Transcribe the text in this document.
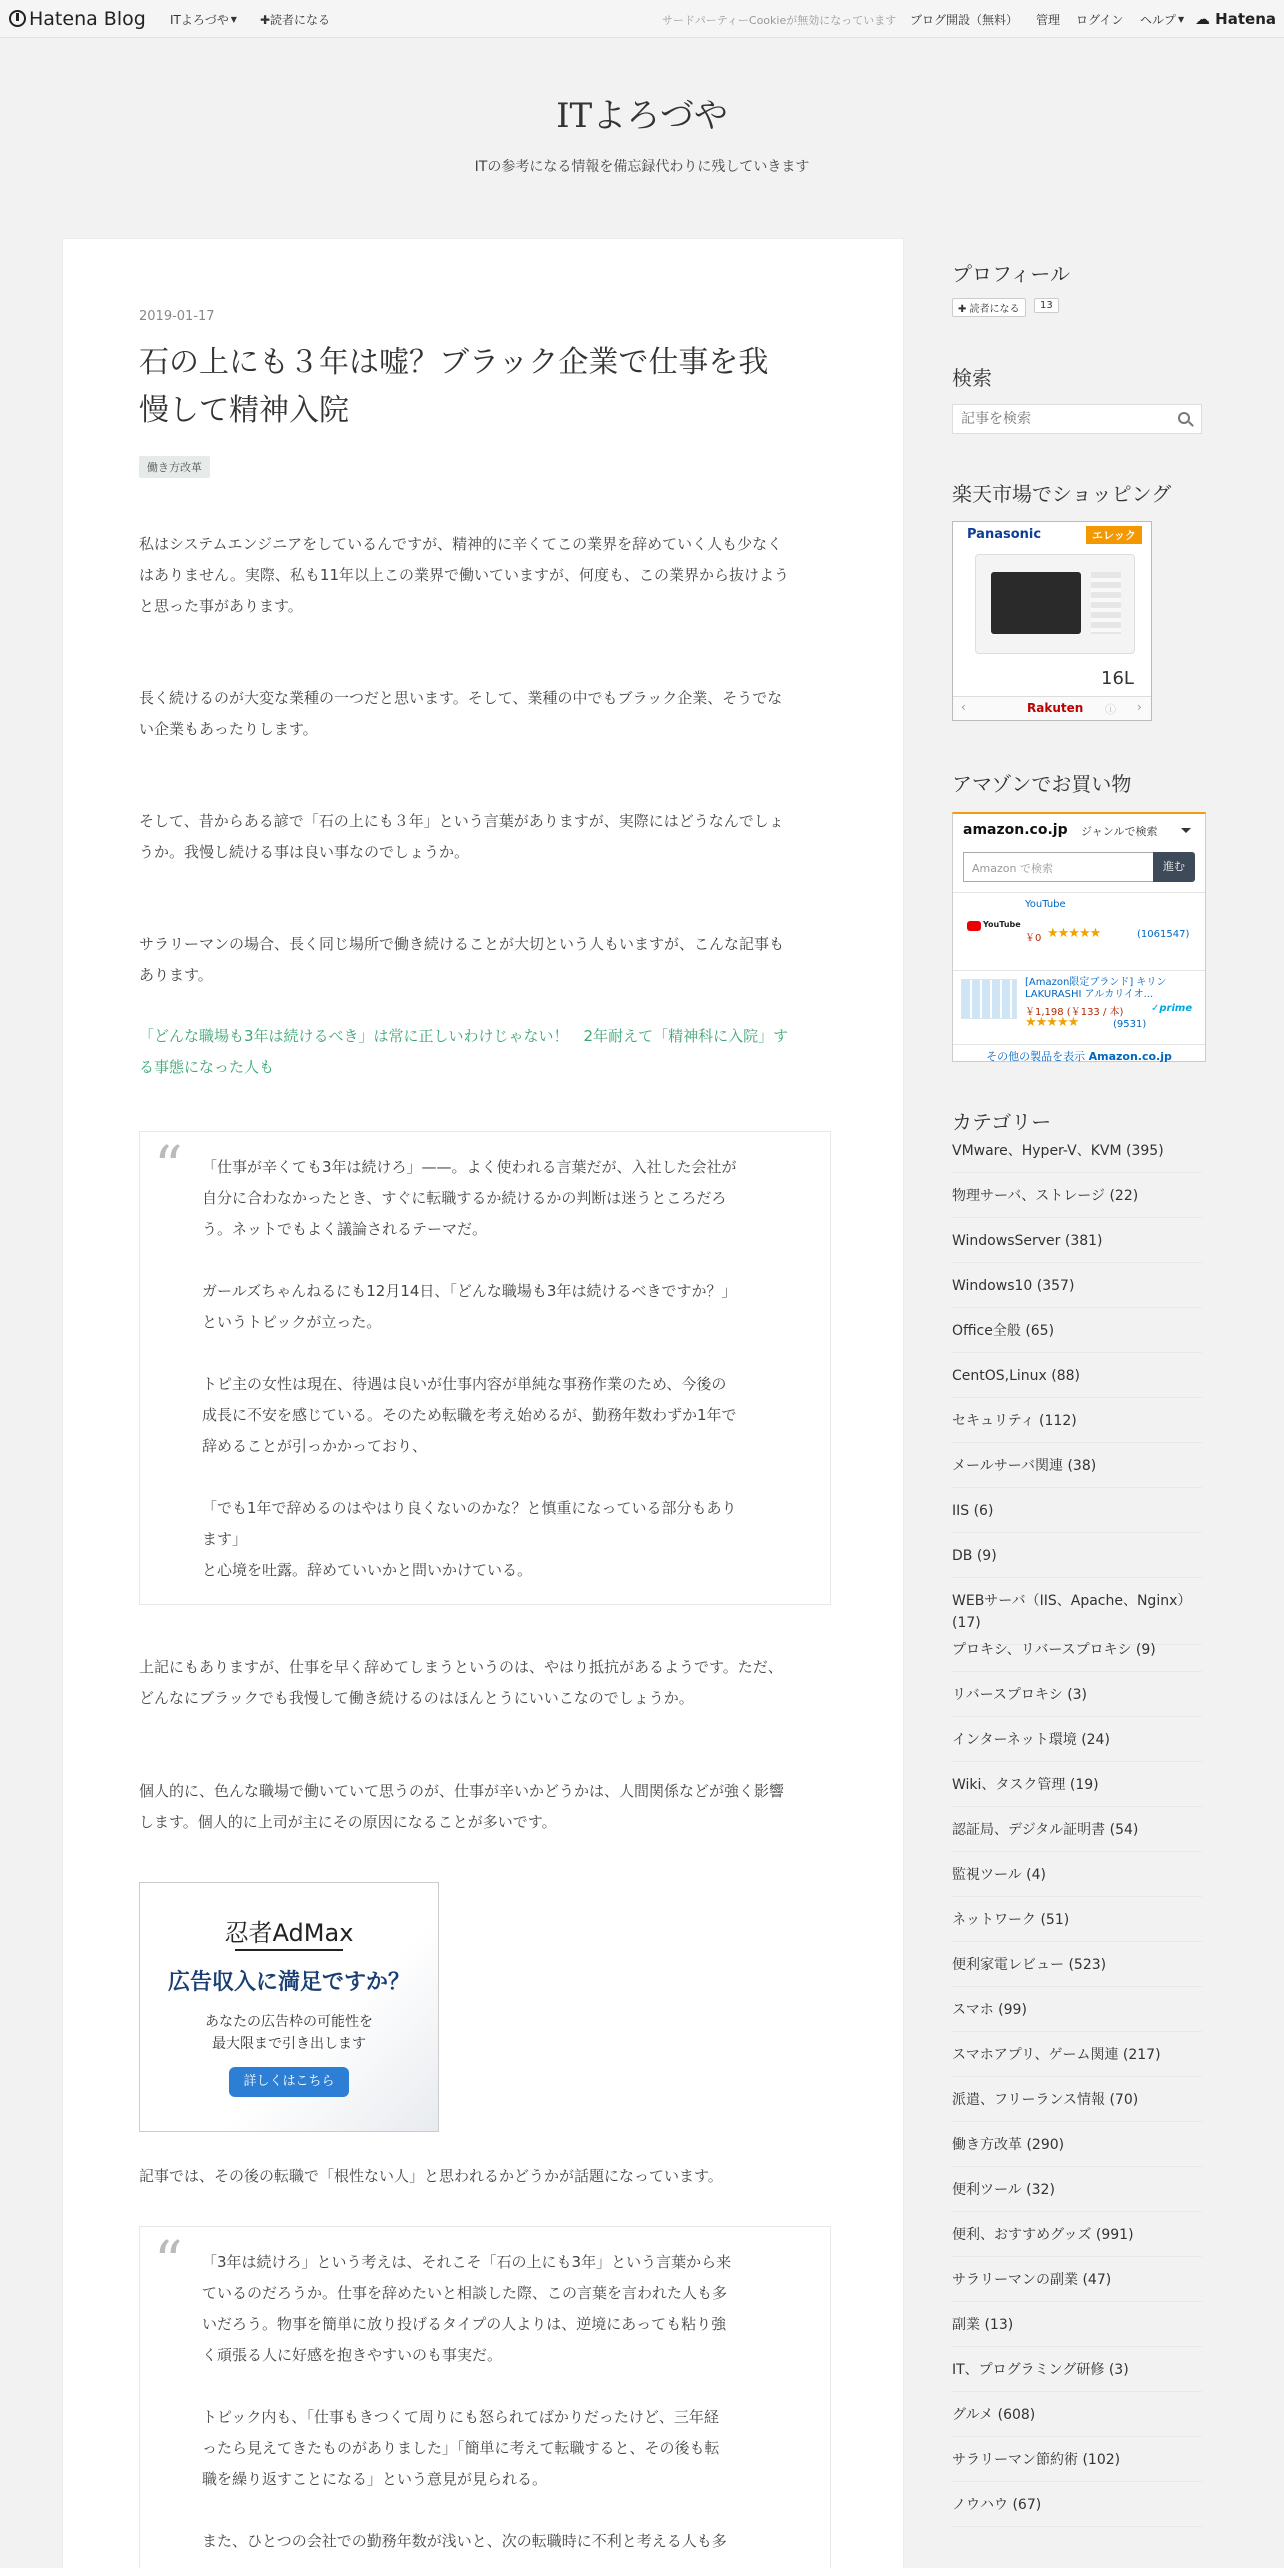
Hatena Blog ITよろづや ▼ ✚読者になる	サードパーティーCookieが無効になっています ブログ開設（無料） 管理 ログイン ヘルプ ▼ ☁ Hatena
ITよろづや
ITの参考になる情報を備忘録代わりに残していきます
2019-01-17
石の上にも３年は嘘？ブラック企業で仕事を我
慢して精神入院
働き方改革
私はシステムエンジニアをしているんですが、精神的に辛くてこの業界を辞めていく人も少なく
はありません。実際、私も11年以上この業界で働いていますが、何度も、この業界から抜けよう
と思った事があります。
長く続けるのが大変な業種の一つだと思います。そして、業種の中でもブラック企業、そうでな
い企業もあったりします。
そして、昔からある諺で「石の上にも３年」という言葉がありますが、実際にはどうなんでしょ
うか。我慢し続ける事は良い事なのでしょうか。
サラリーマンの場合、長く同じ場所で働き続けることが大切という人もいますが、こんな記事も
あります。
「どんな職場も3年は続けるべき」は常に正しいわけじゃない！　2年耐えて「精神科に入院」す
る事態になった人も
“ 「仕事が辛くても3年は続けろ」——。よく使われる言葉だが、入社した会社が
自分に合わなかったとき、すぐに転職するか続けるかの判断は迷うところだろ
う。ネットでもよく議論されるテーマだ。

ガールズちゃんねるにも12月14日、「どんな職場も3年は続けるべきですか？」
というトピックが立った。

トピ主の女性は現在、待遇は良いが仕事内容が単純な事務作業のため、今後の
成長に不安を感じている。そのため転職を考え始めるが、勤務年数わずか1年で
辞めることが引っかかっており、

「でも1年で辞めるのはやはり良くないのかな？と慎重になっている部分もあり
ます」
と心境を吐露。辞めていいかと問いかけている。

上記にもありますが、仕事を早く辞めてしまうというのは、やはり抵抗があるようです。ただ、
どんなにブラックでも我慢して働き続けるのはほんとうにいいこなのでしょうか。
個人的に、色んな職場で働いていて思うのが、仕事が辛いかどうかは、人間関係などが強く影響
します。個人的に上司が主にその原因になることが多いです。
忍者AdMax
広告収入に満足ですか？
あなたの広告枠の可能性を
最大限まで引き出します
詳しくはこちら
記事では、その後の転職で「根性ない人」と思われるかどうかが話題になっています。
“ 「3年は続けろ」という考えは、それこそ「石の上にも3年」という言葉から来
ているのだろうか。仕事を辞めたいと相談した際、この言葉を言われた人も多
いだろう。物事を簡単に放り投げるタイプの人よりは、逆境にあっても粘り強
く頑張る人に好感を抱きやすいのも事実だ。

トピック内も、「仕事もきつくて周りにも怒られてばかりだったけど、三年経
ったら見えてきたものがありました」「簡単に考えて転職すると、その後も転
職を繰り返すことになる」という意見が見られる。

また、ひとつの会社での勤務年数が浅いと、次の転職時に不利と考える人も多

プロフィール
✚ 読者になる	13
検索
記事を検索
楽天市場でショッピング
Panasonic	エレック
16L
‹	Rakuten ⓘ ›
アマゾンでお買い物
amazon.co.jp ジャンルで検索
Amazon で検索	進む
YouTube
YouTube
￥0 ★★★★★	(1061547)
[Amazon限定ブランド] キリン LAKURASHI アルカリイオ...
￥1,198 (￥133 / 本)	✓prime
★★★★★	(9531)
その他の製品を表示 Amazon.co.jp
カテゴリー
VMware、Hyper-V、KVM (395)
物理サーバ、ストレージ (22)
WindowsServer (381)
Windows10 (357)
Office全般 (65)
CentOS,Linux (88)
セキュリティ (112)
メールサーバ関連 (38)
IIS (6)
DB (9)
WEBサーバ（IIS、Apache、Nginx）
(17)
プロキシ、リバースプロキシ (9)
リバースプロキシ (3)
インターネット環境 (24)
Wiki、タスク管理 (19)
認証局、デジタル証明書 (54)
監視ツール (4)
ネットワーク (51)
便利家電レビュー (523)
スマホ (99)
スマホアプリ、ゲーム関連 (217)
派遣、フリーランス情報 (70)
働き方改革 (290)
便利ツール (32)
便利、おすすめグッズ (991)
サラリーマンの副業 (47)
副業 (13)
IT、プログラミング研修 (3)
グルメ (608)
サラリーマン節約術 (102)
ノウハウ (67)
